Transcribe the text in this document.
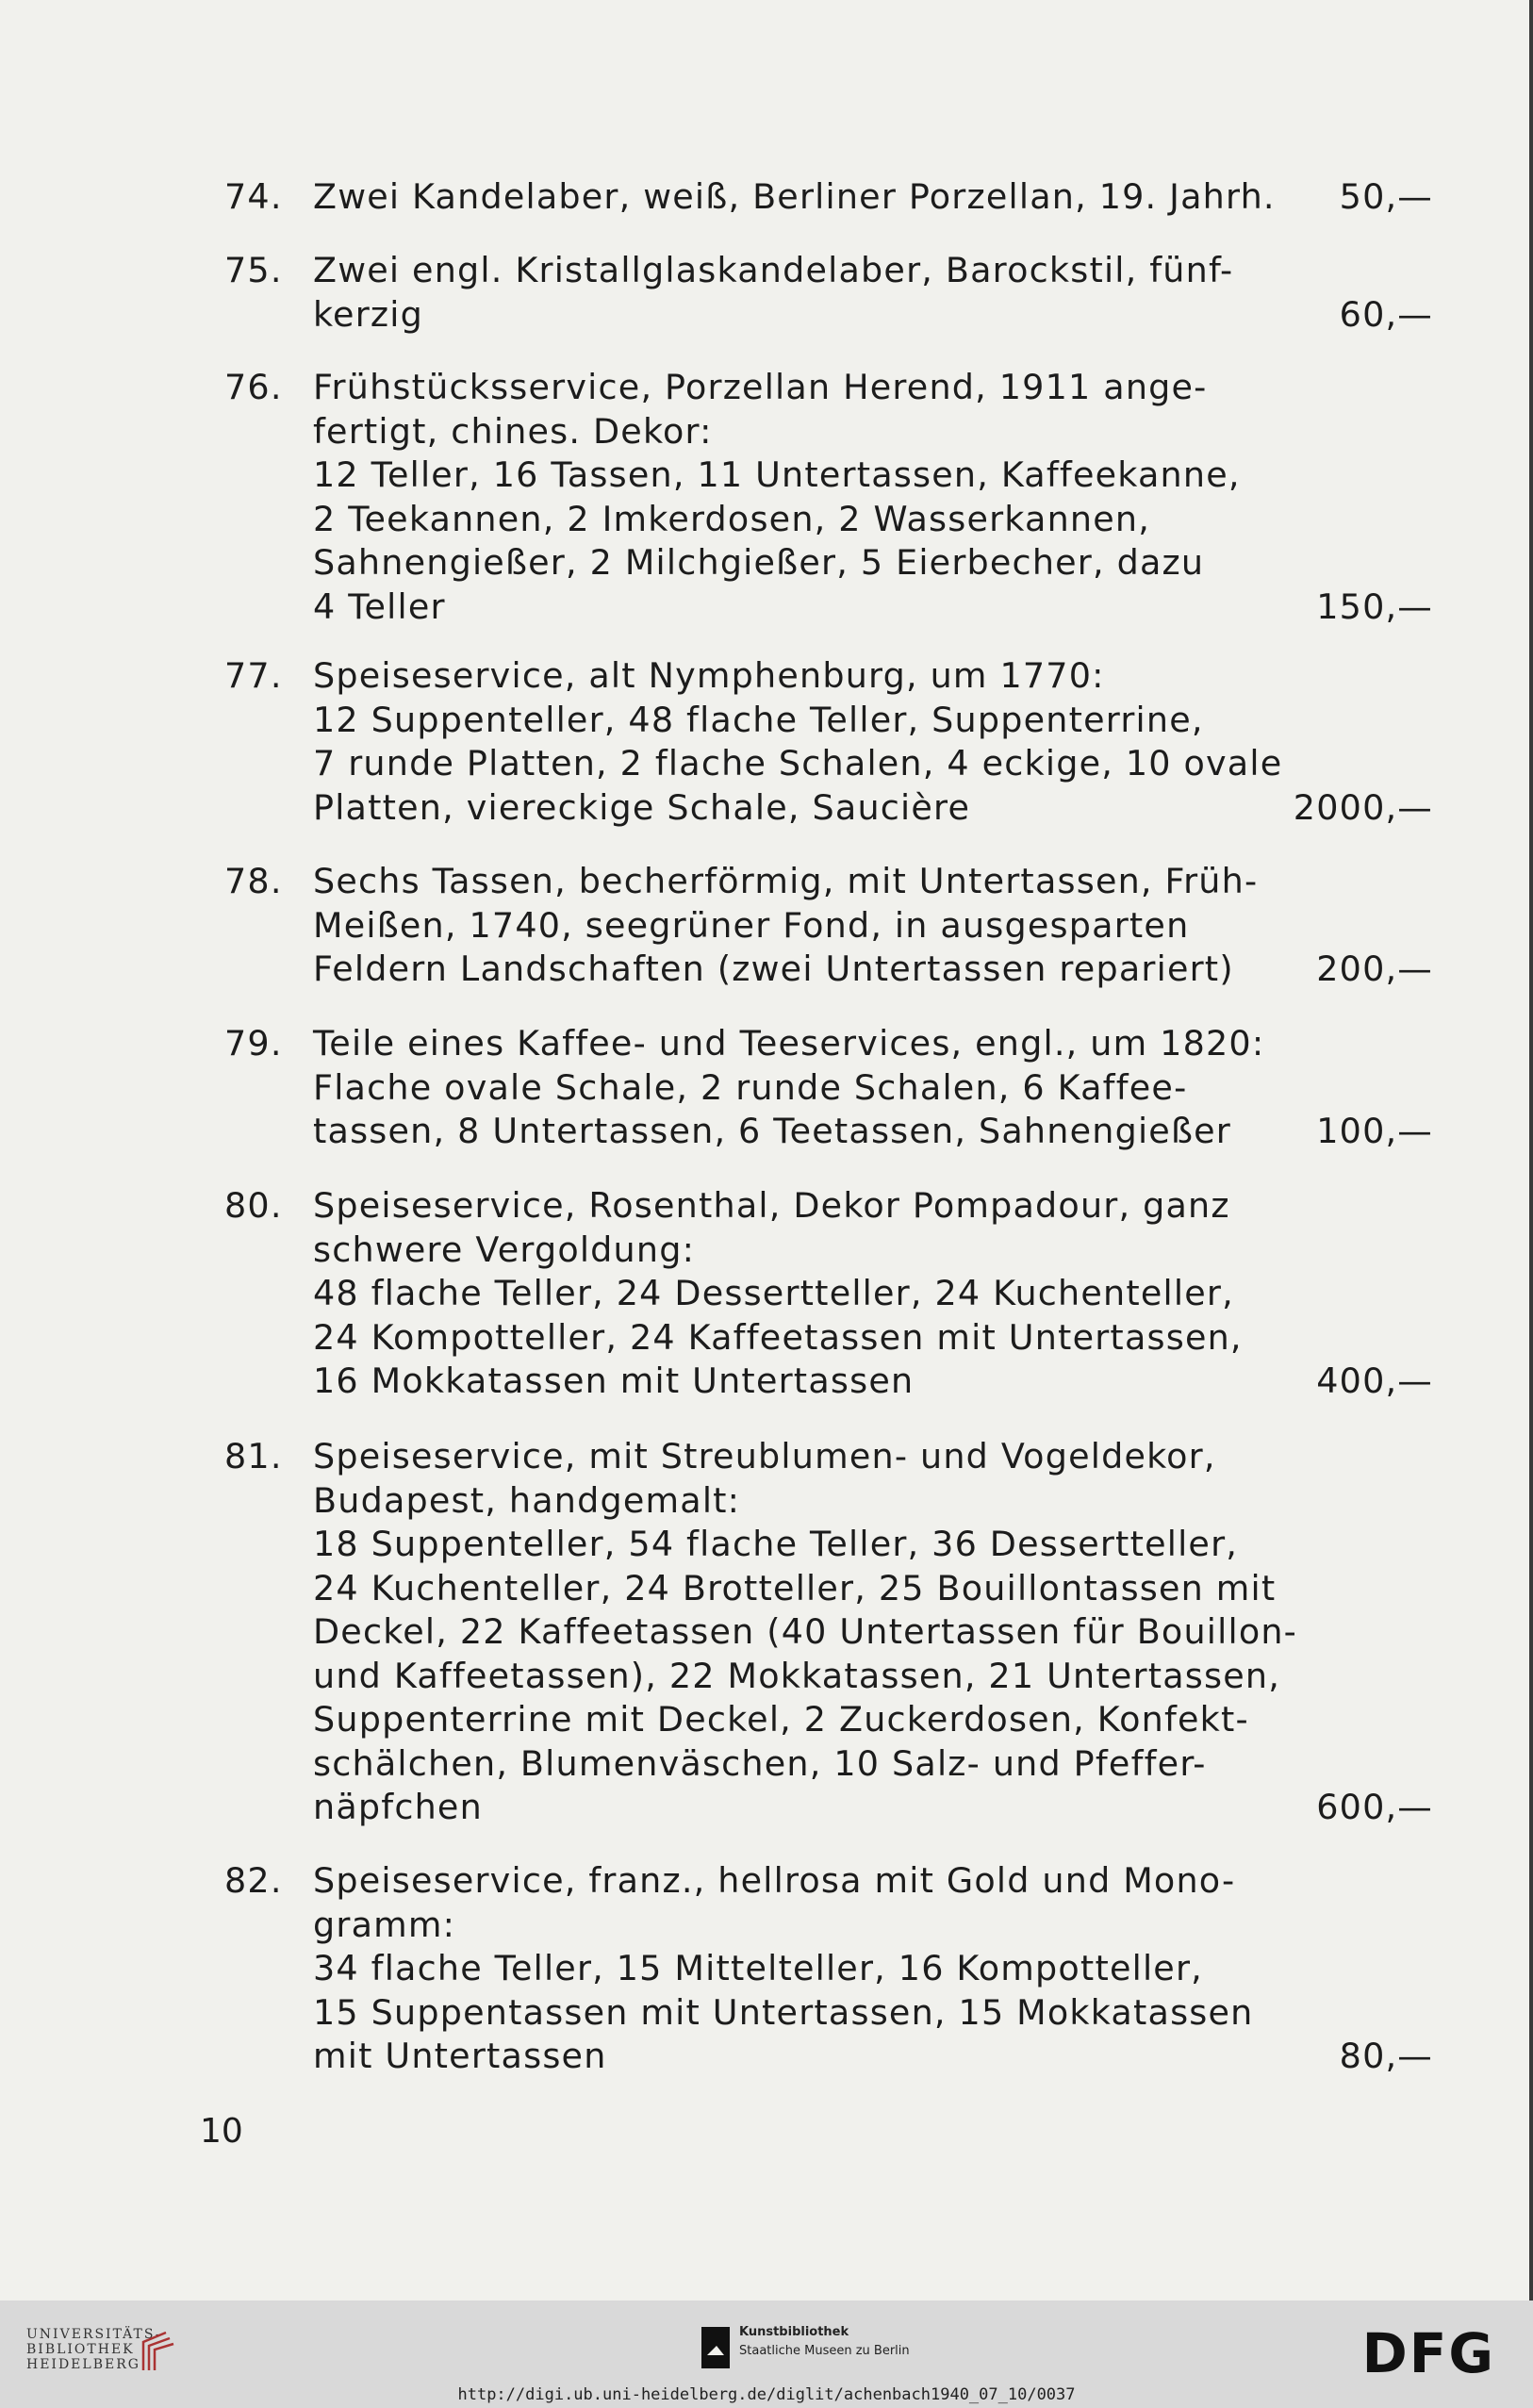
74. Zwei Kandelaber, weiß, Berliner Porzellan, 19. Jahrh. 50,—
75. Zwei engl. Kristallglaskandelaber, Barockstil, fünf-
kerzig	60,—
76. Frühstücksservice, Porzellan Herend, 1911 ange-
fertigt, chines. Dekor:
12 Teller, 16 Tassen, 11 Untertassen, Kaffeekanne,
2 Teekannen, 2 Imkerdosen, 2 Wasserkannen,
Sahnengießer, 2 Milchgießer, 5 Eierbecher, dazu
4 Teller	150,—
77. Speiseservice, alt Nymphenburg, um 1770:
12 Suppenteller, 48 flache Teller, Suppenterrine,
7 runde Platten, 2 flache Schalen, 4 eckige, 10 ovale
Platten, viereckige Schale, Saucière	2000,—
78. Sechs Tassen, becherförmig, mit Untertassen, Früh-
Meißen, 1740, seegrüner Fond, in ausgesparten
Feldern Landschaften (zwei Untertassen repariert)	200,—
79. Teile eines Kaffee- und Teeservices, engl., um 1820:
Flache ovale Schale, 2 runde Schalen, 6 Kaffee-
tassen, 8 Untertassen, 6 Teetassen, Sahnengießer	100,—
80. Speiseservice, Rosenthal, Dekor Pompadour, ganz
schwere Vergoldung:
48 flache Teller, 24 Dessertteller, 24 Kuchenteller,
24 Kompotteller, 24 Kaffeetassen mit Untertassen,
16 Mokkatassen mit Untertassen	400,—
81. Speiseservice, mit Streublumen- und Vogeldekor,
Budapest, handgemalt:
18 Suppenteller, 54 flache Teller, 36 Dessertteller,
24 Kuchenteller, 24 Brotteller, 25 Bouillontassen mit
Deckel, 22 Kaffeetassen (40 Untertassen für Bouillon-
und Kaffeetassen), 22 Mokkatassen, 21 Untertassen,
Suppenterrine mit Deckel, 2 Zuckerdosen, Konfekt-
schälchen, Blumenväschen, 10 Salz- und Pfeffer-
näpfchen	600,—
82. Speiseservice, franz., hellrosa mit Gold und Mono-
gramm:
34 flache Teller, 15 Mittelteller, 16 Kompotteller,
15 Suppentassen mit Untertassen, 15 Mokkatassen
mit Untertassen	80,—
10
UNIVERSITÄTS-
BIBLIOTHEK
HEIDELBERG
Kunstbibliothek
Staatliche Museen zu Berlin	DFG
http://digi.ub.uni-heidelberg.de/diglit/achenbach1940_07_10/0037
